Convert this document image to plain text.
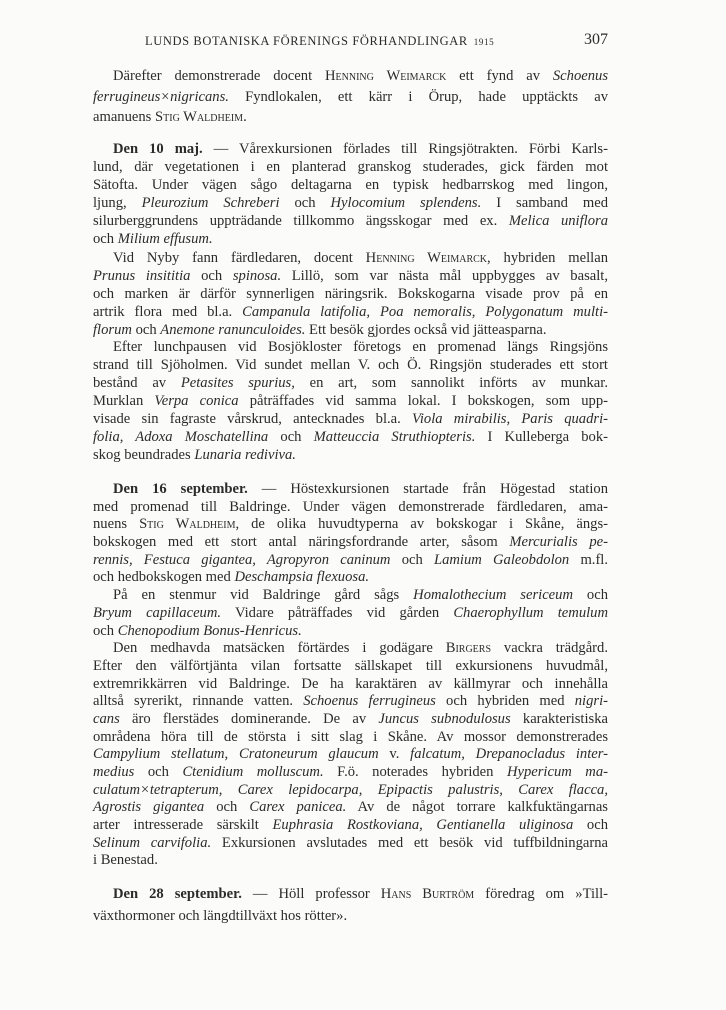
LUNDS BOTANISKA FÖRENINGS FÖRHANDLINGAR 1915	307
Därefter demonstrerade docent Henning Weimarck ett fynd av Schoenus
ferrugineus×nigricans. Fyndlokalen, ett kärr i Örup, hade upptäckts av
amanuens Stig Waldheim.
Den 10 maj. — Vårexkursionen förlades till Ringsjötrakten. Förbi Karls-
lund, där vegetationen i en planterad granskog studerades, gick färden mot
Sätofta. Under vägen sågo deltagarna en typisk hedbarrskog med lingon,
ljung, Pleurozium Schreberi och Hylocomium splendens. I samband med
silurberggrundens uppträdande tillkommo ängsskogar med ex. Melica uniflora
och Milium effusum.
Vid Nyby fann färdledaren, docent Henning Weimarck, hybriden mellan
Prunus insititia och spinosa. Lillö, som var nästa mål uppbygges av basalt,
och marken är därför synnerligen näringsrik. Bokskogarna visade prov på en
artrik flora med bl.a. Campanula latifolia, Poa nemoralis, Polygonatum multi-
florum och Anemone ranunculoides. Ett besök gjordes också vid jätteasparna.
Efter lunchpausen vid Bosjökloster företogs en promenad längs Ringsjöns
strand till Sjöholmen. Vid sundet mellan V. och Ö. Ringsjön studerades ett stort
bestånd av Petasites spurius, en art, som sannolikt införts av munkar.
Murklan Verpa conica påträffades vid samma lokal. I bokskogen, som upp-
visade sin fagraste vårskrud, antecknades bl.a. Viola mirabilis, Paris quadri-
folia, Adoxa Moschatellina och Matteuccia Struthiopteris. I Kulleberga bok-
skog beundrades Lunaria rediviva.
Den 16 september. — Höstexkursionen startade från Högestad station
med promenad till Baldringe. Under vägen demonstrerade färdledaren, ama-
nuens Stig Waldheim, de olika huvudtyperna av bokskogar i Skåne, ängs-
bokskogen med ett stort antal näringsfordrande arter, såsom Mercurialis pe-
rennis, Festuca gigantea, Agropyron caninum och Lamium Galeobdolon m.fl.
och hedbokskogen med Deschampsia flexuosa.
På en stenmur vid Baldringe gård sågs Homalothecium sericeum och
Bryum capillaceum. Vidare påträffades vid gården Chaerophyllum temulum
och Chenopodium Bonus-Henricus.
Den medhavda matsäcken förtärdes i godägare Birgers vackra trädgård.
Efter den välförtjänta vilan fortsatte sällskapet till exkursionens huvudmål,
extremrikkärren vid Baldringe. De ha karaktären av källmyrar och innehålla
alltså syrerikt, rinnande vatten. Schoenus ferrugineus och hybriden med nigri-
cans äro flerstädes dominerande. De av Juncus subnodulosus karakteristiska
områdena höra till de största i sitt slag i Skåne. Av mossor demonstrerades
Campylium stellatum, Cratoneurum glaucum v. falcatum, Drepanocladus inter-
medius och Ctenidium molluscum. F.ö. noterades hybriden Hypericum ma-
culatum×tetrapterum, Carex lepidocarpa, Epipactis palustris, Carex flacca,
Agrostis gigantea och Carex panicea. Av de något torrare kalkfuktängarnas
arter intresserade särskilt Euphrasia Rostkoviana, Gentianella uliginosa och
Selinum carvifolia. Exkursionen avslutades med ett besök vid tuffbildningarna
i Benestad.
Den 28 september. — Höll professor Hans Burtröm föredrag om »Till-
växthormoner och längdtillväxt hos rötter».
